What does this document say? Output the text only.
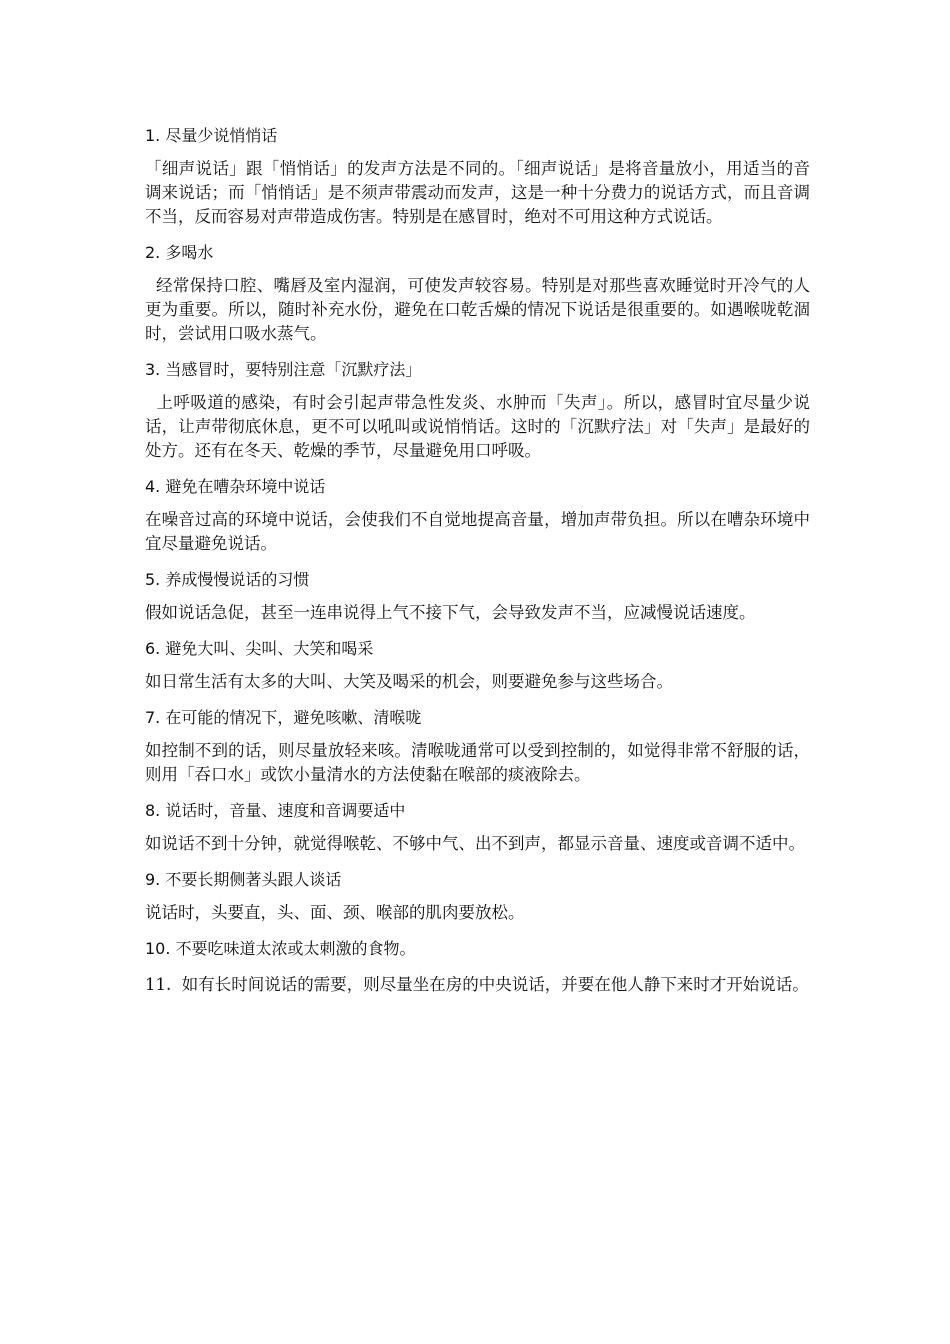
1. 尽量少说悄悄话
「细声说话」跟「悄悄话」的发声方法是不同的。「细声说话」是将音量放小，用适当的音调来说话；而「悄悄话」是不须声带震动而发声，这是一种十分费力的说话方式，而且音调不当，反而容易对声带造成伤害。特别是在感冒时，绝对不可用这种方式说话。
2. 多喝水
经常保持口腔、嘴唇及室内湿润，可使发声较容易。特别是对那些喜欢睡觉时开冷气的人更为重要。所以，随时补充水份，避免在口乾舌燥的情况下说话是很重要的。如遇喉咙乾涸时，尝试用口吸水蒸气。
3. 当感冒时，要特别注意「沉默疗法」
上呼吸道的感染，有时会引起声带急性发炎、水肿而「失声」。所以，感冒时宜尽量少说话，让声带彻底休息，更不可以吼叫或说悄悄话。这时的「沉默疗法」对「失声」是最好的处方。还有在冬天、乾燥的季节，尽量避免用口呼吸。
4. 避免在嘈杂环境中说话
在噪音过高的环境中说话，会使我们不自觉地提高音量，增加声带负担。所以在嘈杂环境中宜尽量避免说话。
5. 养成慢慢说话的习惯
假如说话急促，甚至一连串说得上气不接下气，会导致发声不当，应减慢说话速度。
6. 避免大叫、尖叫、大笑和喝采
如日常生活有太多的大叫、大笑及喝采的机会，则要避免参与这些场合。
7. 在可能的情况下，避免咳嗽、清喉咙
如控制不到的话，则尽量放轻来咳。清喉咙通常可以受到控制的，如觉得非常不舒服的话，则用「吞口水」或饮小量清水的方法使黏在喉部的痰液除去。
8. 说话时，音量、速度和音调要适中
如说话不到十分钟，就觉得喉乾、不够中气、出不到声，都显示音量、速度或音调不适中。
9. 不要长期侧著头跟人谈话
说话时，头要直，头、面、颈、喉部的肌肉要放松。
10. 不要吃味道太浓或太刺激的食物。
11.  如有长时间说话的需要，则尽量坐在房的中央说话，并要在他人静下来时才开始说话。
